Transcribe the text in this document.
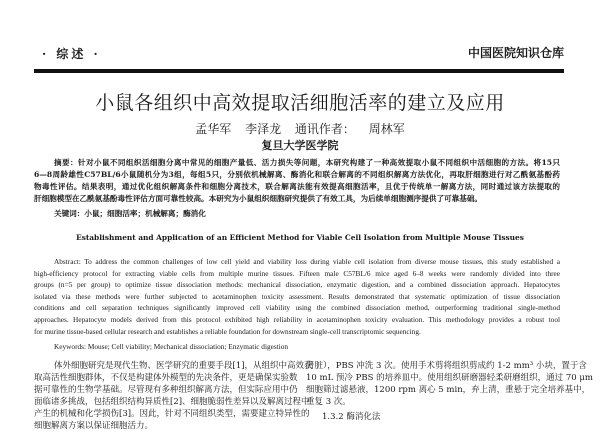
· 综述 ·	中国医院知识仓库
小鼠各组织中高效提取活细胞活率的建立及应用
孟华军 李泽龙 通讯作者： 周林军
复旦大学医学院
摘要：针对小鼠不同组织活细胞分离中常见的细胞产量低、活力损失等问题，本研究构建了一种高效提取小鼠不同组织中活细胞的方法。将15只
6—8周龄雄性C57BL/6小鼠随机分为3组，每组5只，分别依机械解离、酶消化和联合解离的不同组织解离方法优化，再取肝细胞进行对乙酰氨基酚药
物毒性评估。结果表明，通过优化组织解离条件和细胞分离技术，联合解离法能有效提高细胞活率，且优于传统单一解离方法，同时通过该方法提取的
肝细胞模型在乙酰氨基酚毒性评估方面可靠性较高。本研究为小鼠组织细胞研究提供了有效工具，为后续单细胞测序提供了可靠基础。
关键词：小鼠；细胞活率；机械解离；酶消化
Establishment and Application of an Efficient Method for Viable Cell Isolation from Multiple Mouse Tissues
Abstract: To address the common challenges of low cell yield and viability loss during viable cell isolation from diverse mouse tissues, this study established a
high-efficiency protocol for extracting viable cells from multiple murine tissues. Fifteen male C57BL/6 mice aged 6–8 weeks were randomly divided into three
groups (n=5 per group) to optimize tissue dissociation methods: mechanical dissociation, enzymatic digestion, and a combined dissociation approach. Hepatocytes
isolated via these methods were further subjected to acetaminophen toxicity assessment. Results demonstrated that systematic optimization of tissue dissociation
conditions and cell separation techniques significantly improved cell viability using the combined dissociation method, outperforming traditional single-method
approaches. Hepatocyte models derived from this protocol exhibited high reliability in acetaminophen toxicity evaluation. This methodology provides a robust tool
for murine tissue-based cellular research and establishes a reliable foundation for downstream single-cell transcriptomic sequencing.
Keywords: Mouse; Cell viability; Mechanical dissociation; Enzymatic digestion
体外细胞研究是现代生物、医学研究的重要手段[1]，从组织中高效获
取高活性细胞群体，不仅是构建体外模型的先决条件，更是确保实验数
据可靠性的生物学基础。尽管现有多种组织解离方法，但实际应用中仍
面临诸多挑战，包括组织结构异质性[2]、细胞脆弱性差异以及解离过程中
产生的机械和化学损伤[3]。因此，针对不同组织类型，需要建立特异性的
细胞解离方案以保证细胞活力。
肾脏），PBS 冲洗 3 次。使用手术剪将组织剪成约 1-2 mm³ 小块，置于含
10 mL 预冷 PBS 的培养皿中。使用组织研磨器轻柔研磨组织，通过 70 μm
细胞筛过滤悬液，1200 rpm 离心 5 min，弃上清，重悬于完全培养基中，
重复 3 次。
1.3.2 酶消化法
